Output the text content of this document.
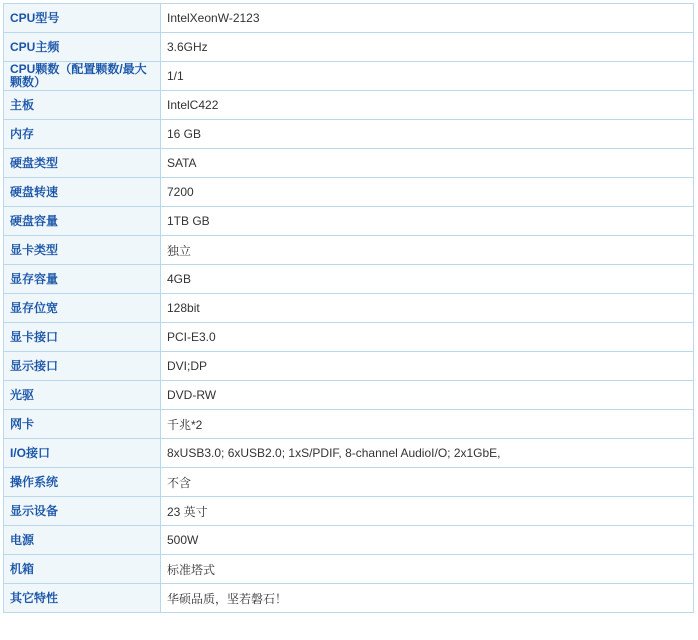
CPU型号	IntelXeonW-2123
CPU主频	3.6GHz
CPU颗数（配置颗数/最大颗数）	1/1
主板	IntelC422
内存	16 GB
硬盘类型	SATA
硬盘转速	7200
硬盘容量	1TB GB
显卡类型	独立
显存容量	4GB
显存位宽	128bit
显卡接口	PCI-E3.0
显示接口	DVI;DP
光驱	DVD-RW
网卡	千兆*2
I/O接口	8xUSB3.0; 6xUSB2.0; 1xS/PDIF, 8-channel AudioI/O; 2x1GbE,
操作系统	不含
显示设备	23 英寸
电源	500W
机箱	标准塔式
其它特性	华硕品质，坚若磐石！
